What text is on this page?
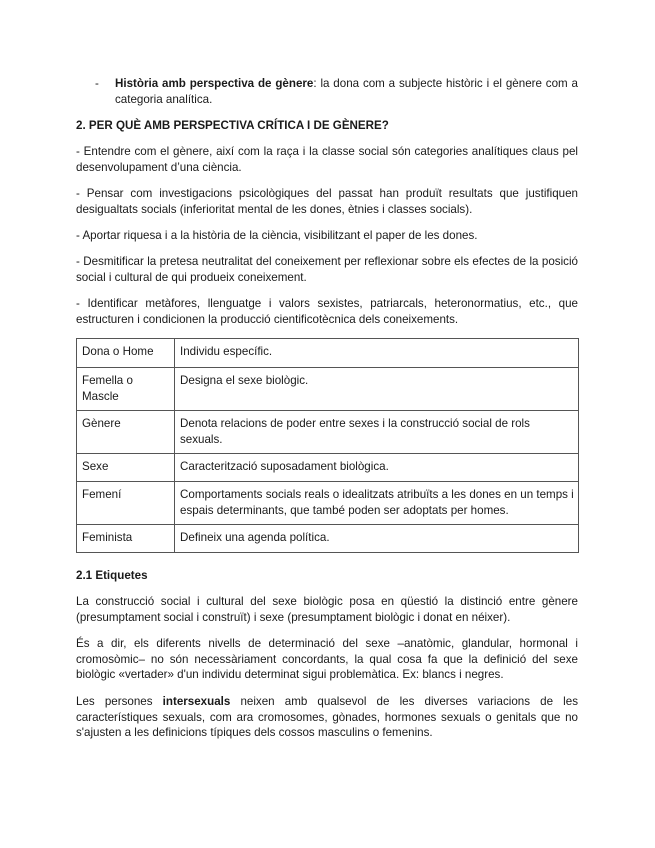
- Història amb perspectiva de gènere: la dona com a subjecte històric i el gènere com a categoria analítica.
2. PER QUÈ AMB PERSPECTIVA CRÍTICA I DE GÈNERE?

- Entendre com el gènere, així com la raça i la classe social són categories analítiques claus pel desenvolupament d’una ciència.

- Pensar com investigacions psicològiques del passat han produït resultats que justifiquen desigualtats socials (inferioritat mental de les dones, ètnies i classes socials).

- Aportar riquesa i a la història de la ciència, visibilitzant el paper de les dones.

- Desmitificar la pretesa neutralitat del coneixement per reflexionar sobre els efectes de la posició social i cultural de qui produeix coneixement.

- Identificar metàfores, llenguatge i valors sexistes, patriarcals, heteronormatius, etc., que estructuren i condicionen la producció cientificotècnica dels coneixements.

Dona o Home	Individu específic.
Femella o Mascle	Designa el sexe biològic.
Gènere	Denota relacions de poder entre sexes i la construcció social de rols sexuals.
Sexe	Caracterització suposadament biològica.
Femení	Comportaments socials reals o idealitzats atribuïts a les dones en un temps i espais determinants, que també poden ser adoptats per homes.
Feminista	Defineix una agenda política.
2.1 Etiquetes

La construcció social i cultural del sexe biològic posa en qüestió la distinció entre gènere (presumptament social i construït) i sexe (presumptament biològic i donat en néixer).

És a dir, els diferents nivells de determinació del sexe –anatòmic, glandular, hormonal i cromosòmic– no són necessàriament concordants, la qual cosa fa que la definició del sexe biològic «vertader» d'un individu determinat sigui problemàtica. Ex: blancs i negres.

Les persones intersexuals neixen amb qualsevol de les diverses variacions de les característiques sexuals, com ara cromosomes, gònades, hormones sexuals o genitals que no s'ajusten a les definicions típiques dels cossos masculins o femenins.
